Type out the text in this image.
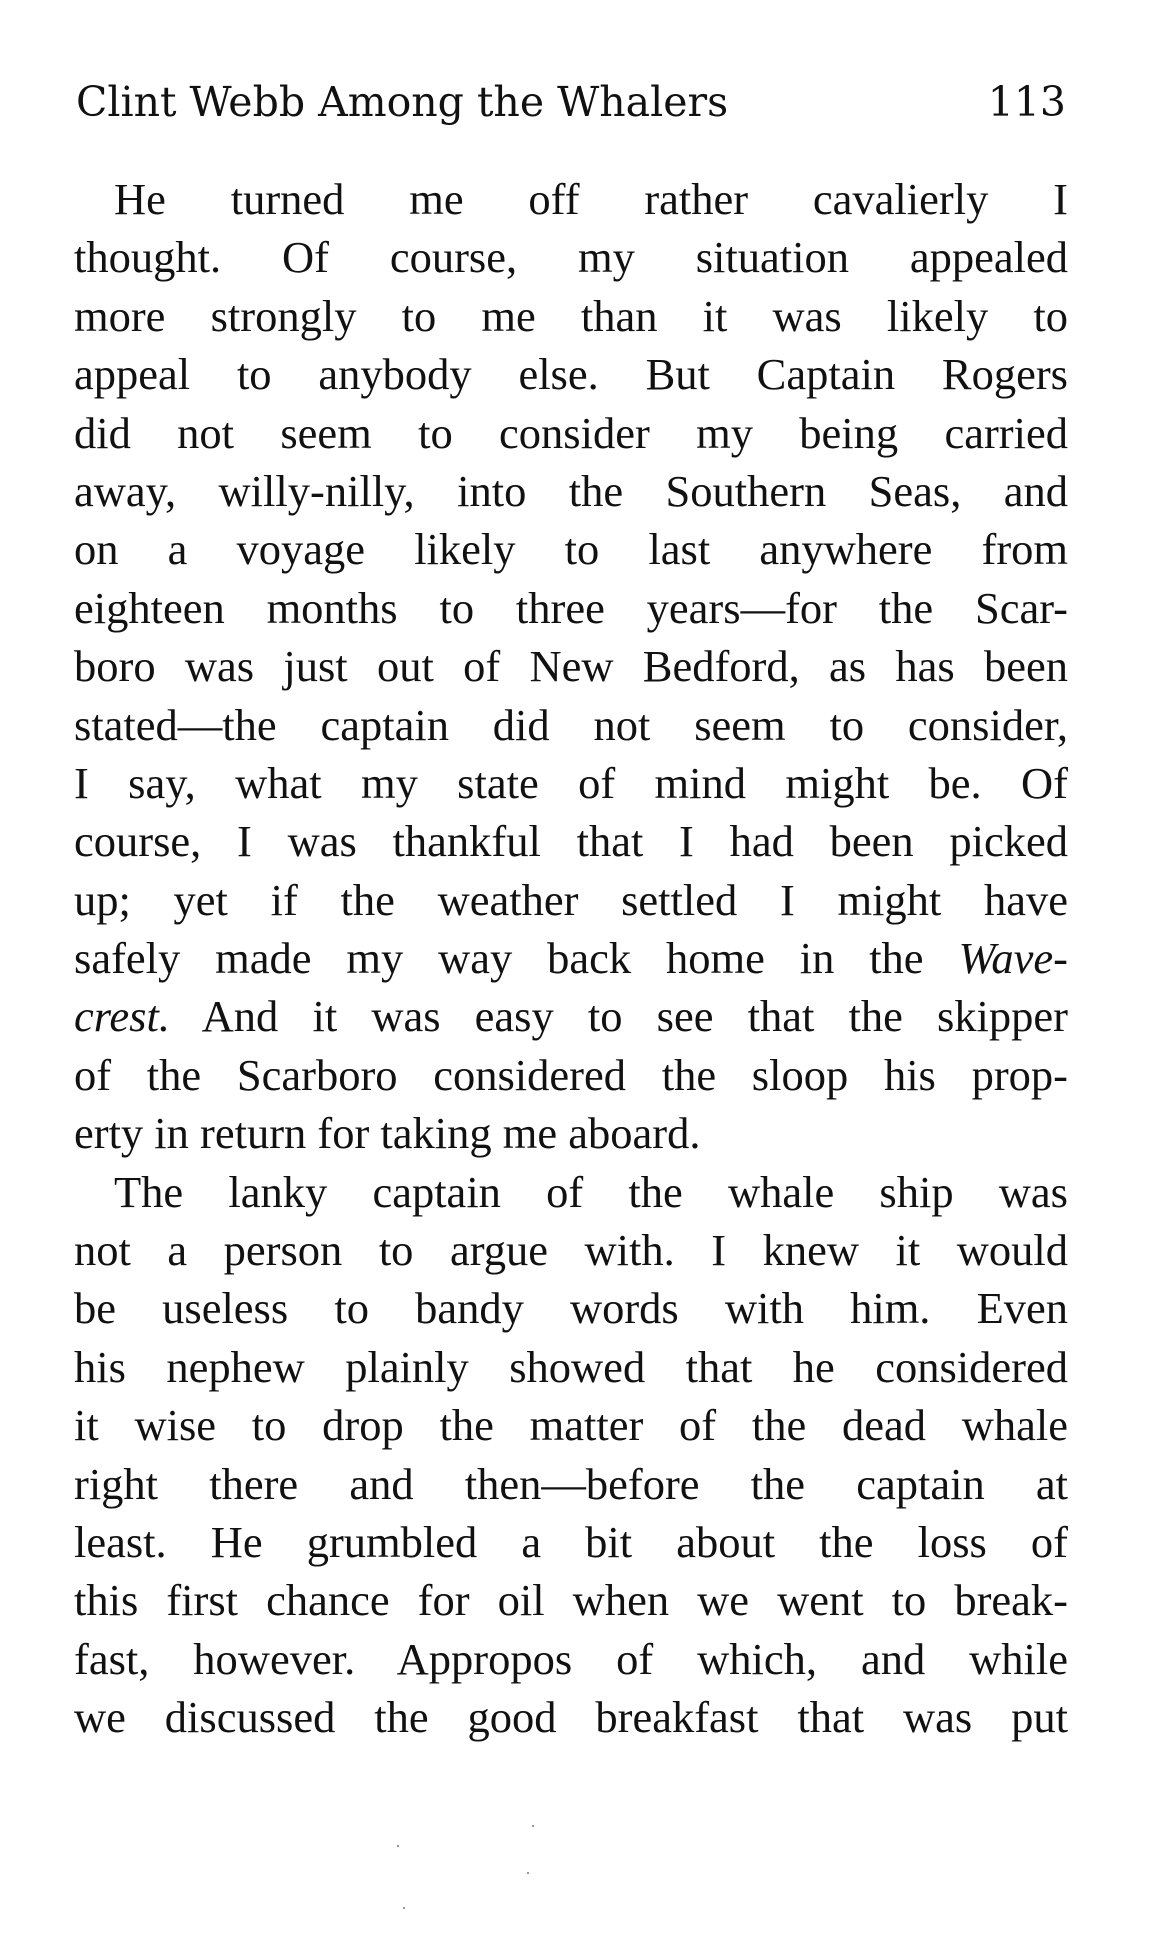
Clint Webb Among the Whalers	113
He turned me off rather cavalierly I
thought. Of course, my situation appealed
more strongly to me than it was likely to
appeal to anybody else. But Captain Rogers
did not seem to consider my being carried
away, willy-nilly, into the Southern Seas, and
on a voyage likely to last anywhere from
eighteen months to three years—for the Scar-
boro was just out of New Bedford, as has been
stated—the captain did not seem to consider,
I say, what my state of mind might be. Of
course, I was thankful that I had been picked
up; yet if the weather settled I might have
safely made my way back home in the Wave-
crest. And it was easy to see that the skipper
of the Scarboro considered the sloop his prop-
erty in return for taking me aboard.
The lanky captain of the whale ship was
not a person to argue with. I knew it would
be useless to bandy words with him. Even
his nephew plainly showed that he considered
it wise to drop the matter of the dead whale
right there and then—before the captain at
least. He grumbled a bit about the loss of
this first chance for oil when we went to break-
fast, however. Appropos of which, and while
we discussed the good breakfast that was put
